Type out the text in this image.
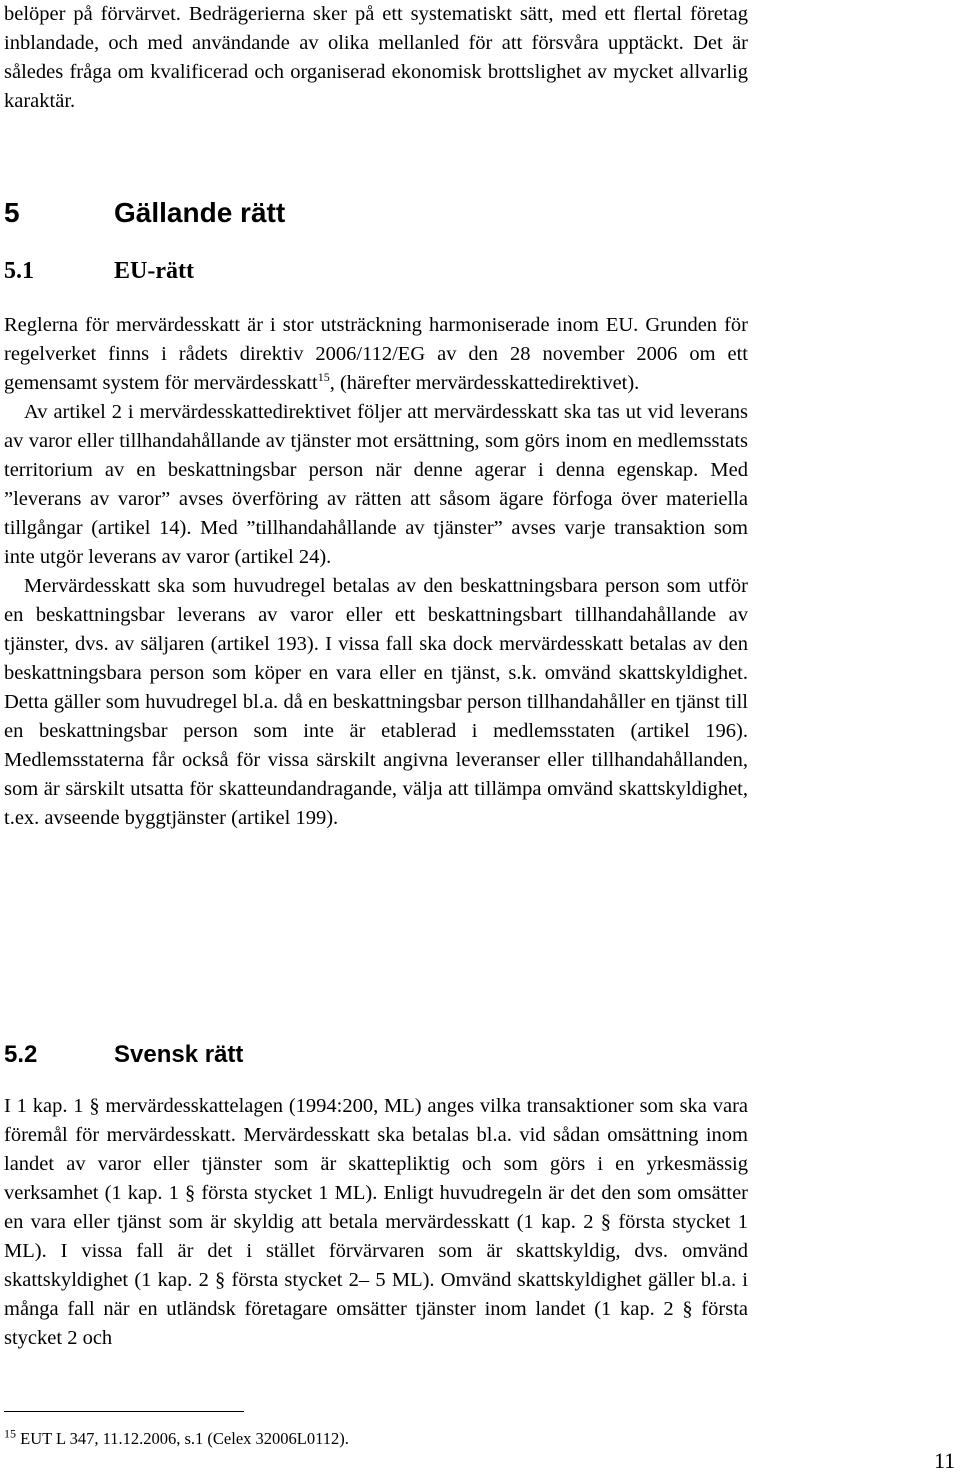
belöper på förvärvet. Bedrägerierna sker på ett systematiskt sätt, med ett flertal företag inblandade, och med användande av olika mellanled för att försvåra upptäckt. Det är således fråga om kvalificerad och organiserad ekonomisk brottslighet av mycket allvarlig karaktär.

5	Gällande rätt
5.1	EU-rätt

Reglerna för mervärdesskatt är i stor utsträckning harmoniserade inom EU. Grunden för regelverket finns i rådets direktiv 2006/112/EG av den 28 november 2006 om ett gemensamt system för mervärdesskatt$^{15}$, (härefter mervärdesskattedirektivet).

Av artikel 2 i mervärdesskattedirektivet följer att mervärdesskatt ska tas ut vid leverans av varor eller tillhandahållande av tjänster mot ersättning, som görs inom en medlemsstats territorium av en beskattningsbar person när denne agerar i denna egenskap. Med ”leverans av varor” avses överföring av rätten att såsom ägare förfoga över materiella tillgångar (artikel 14). Med ”tillhandahållande av tjänster” avses varje transaktion som inte utgör leverans av varor (artikel 24).

Mervärdesskatt ska som huvudregel betalas av den beskattningsbara person som utför en beskattningsbar leverans av varor eller ett beskattningsbart tillhandahållande av tjänster, dvs. av säljaren (artikel 193). I vissa fall ska dock mervärdesskatt betalas av den beskattningsbara person som köper en vara eller en tjänst, s.k. omvänd skattskyldighet. Detta gäller som huvudregel bl.a. då en beskattningsbar person tillhandahåller en tjänst till en beskattningsbar person som inte är etablerad i medlemsstaten (artikel 196). Medlemsstaterna får också för vissa särskilt angivna leveranser eller tillhandahållanden, som är särskilt utsatta för skatteundandragande, välja att tillämpa omvänd skattskyldighet, t.ex. avseende byggtjänster (artikel 199).

5.2	Svensk rätt

I 1 kap. 1 § mervärdesskattelagen (1994:200, ML) anges vilka transaktioner som ska vara föremål för mervärdesskatt. Mervärdesskatt ska betalas bl.a. vid sådan omsättning inom landet av varor eller tjänster som är skattepliktig och som görs i en yrkesmässig verksamhet (1 kap. 1 § första stycket 1 ML). Enligt huvudregeln är det den som omsätter en vara eller tjänst som är skyldig att betala mervärdesskatt (1 kap. 2 § första stycket 1 ML). I vissa fall är det i stället förvärvaren som är skattskyldig, dvs. omvänd skattskyldighet (1 kap. 2 § första stycket 2– 5 ML). Omvänd skattskyldighet gäller bl.a. i många fall när en utländsk företagare omsätter tjänster inom landet (1 kap. 2 § första stycket 2 och

$^{15}$ EUT L 347, 11.12.2006, s.1 (Celex 32006L0112).
11
